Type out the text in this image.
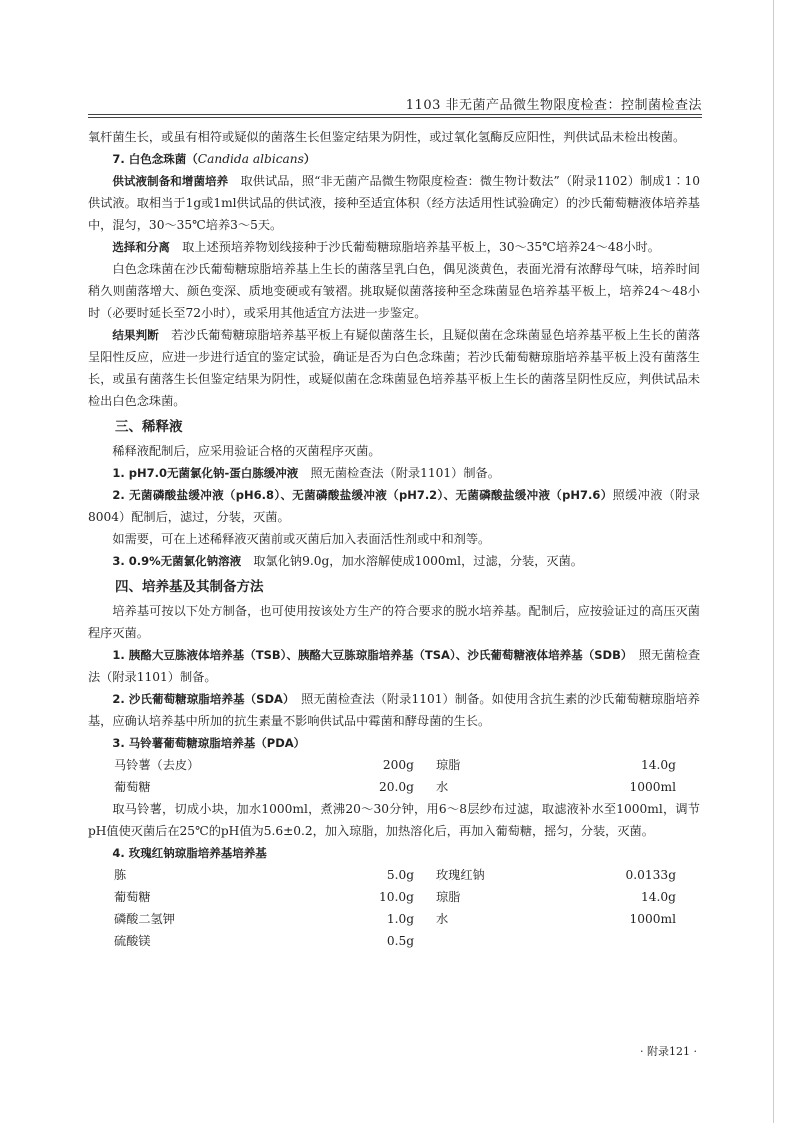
1103 非无菌产品微生物限度检查：控制菌检查法

氧杆菌生长，或虽有相符或疑似的菌落生长但鉴定结果为阴性，或过氧化氢酶反应阳性，判供试品未检出梭菌。

7. 白色念珠菌（Candida albicans）

供试液制备和增菌培养　 取供试品，照“非无菌产品微生物限度检查：微生物计数法”（附录1102）制成1∶10供试液。取相当于1g或1ml供试品的供试液，接种至适宜体积（经方法适用性试验确定）的沙氏葡萄糖液体培养基中，混匀，30～35℃培养3～5天。

选择和分离　 取上述预培养物划线接种于沙氏葡萄糖琼脂培养基平板上，30～35℃培养24～48小时。

白色念珠菌在沙氏葡萄糖琼脂培养基上生长的菌落呈乳白色，偶见淡黄色，表面光滑有浓酵母气味，培养时间稍久则菌落增大、颜色变深、质地变硬或有皱褶。挑取疑似菌落接种至念珠菌显色培养基平板上，培养24～48小时（必要时延长至72小时），或采用其他适宜方法进一步鉴定。

结果判断　 若沙氏葡萄糖琼脂培养基平板上有疑似菌落生长，且疑似菌在念珠菌显色培养基平板上生长的菌落呈阳性反应，应进一步进行适宜的鉴定试验，确证是否为白色念珠菌；若沙氏葡萄糖琼脂培养基平板上没有菌落生长，或虽有菌落生长但鉴定结果为阴性，或疑似菌在念珠菌显色培养基平板上生长的菌落呈阴性反应，判供试品未检出白色念珠菌。

三、稀释液

稀释液配制后，应采用验证合格的灭菌程序灭菌。

1. pH7.0无菌氯化钠-蛋白胨缓冲液　 照无菌检查法（附录1101）制备。

2. 无菌磷酸盐缓冲液（pH6.8）、无菌磷酸盐缓冲液（pH7.2）、无菌磷酸盐缓冲液（pH7.6）照缓冲液（附录8004）配制后，滤过，分装，灭菌。

如需要，可在上述稀释液灭菌前或灭菌后加入表面活性剂或中和剂等。

3. 0.9%无菌氯化钠溶液　 取氯化钠9.0g，加水溶解使成1000ml，过滤，分装，灭菌。

四、培养基及其制备方法

培养基可按以下处方制备，也可使用按该处方生产的符合要求的脱水培养基。配制后，应按验证过的高压灭菌程序灭菌。

1. 胰酪大豆胨液体培养基（TSB）、胰酪大豆胨琼脂培养基（TSA）、沙氏葡萄糖液体培养基（SDB）　 照无菌检查法（附录1101）制备。

2. 沙氏葡萄糖琼脂培养基（SDA）　 照无菌检查法（附录1101）制备。如使用含抗生素的沙氏葡萄糖琼脂培养基，应确认培养基中所加的抗生素量不影响供试品中霉菌和酵母菌的生长。

3. 马铃薯葡萄糖琼脂培养基（PDA）

马铃薯（去皮）	200g	琼脂	14.0g
葡萄糖	20.0g	水	1000ml

取马铃薯，切成小块，加水1000ml，煮沸20～30分钟，用6～8层纱布过滤，取滤液补水至1000ml，调节pH值使灭菌后在25℃的pH值为5.6±0.2，加入琼脂，加热溶化后，再加入葡萄糖，摇匀，分装，灭菌。

4. 玫瑰红钠琼脂培养基培养基

胨	5.0g	玫瑰红钠	0.0133g
葡萄糖	10.0g	琼脂	14.0g
磷酸二氢钾	1.0g	水	1000ml
硫酸镁	0.5g
· 附录121 ·
